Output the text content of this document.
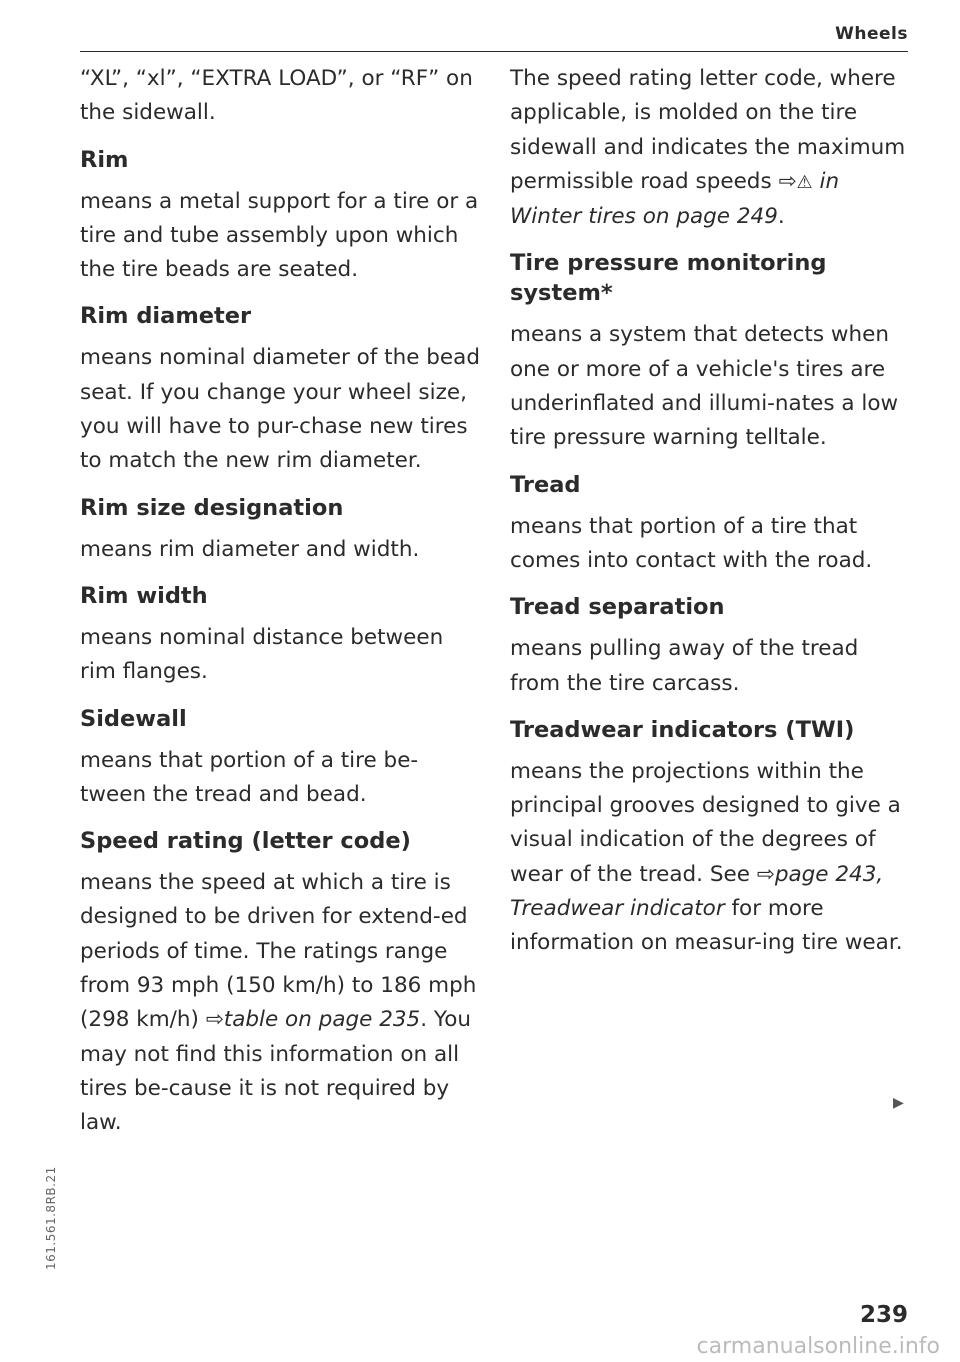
Wheels

“XL”, “xl”, “EXTRA LOAD”, or “RF” on the sidewall.

Rim

means a metal support for a tire or a tire and tube assembly upon which the tire beads are seated.

Rim diameter

means nominal diameter of the bead seat. If you change your wheel size, you will have to pur-chase new tires to match the new rim diameter.

Rim size designation

means rim diameter and width.

Rim width

means nominal distance between rim flanges.

Sidewall

means that portion of a tire be-tween the tread and bead.

Speed rating (letter code)

means the speed at which a tire is designed to be driven for extend-ed periods of time. The ratings range from 93 mph (150 km/h) to 186 mph (298 km/h) ⇨table on page 235. You may not find this information on all tires be-cause it is not required by law.

The speed rating letter code, where applicable, is molded on the tire sidewall and indicates the maximum permissible road speeds ⇨⚠ in Winter tires on page 249.

Tire pressure monitoring system*

means a system that detects when one or more of a vehicle's tires are underinflated and illumi-nates a low tire pressure warning telltale.

Tread

means that portion of a tire that comes into contact with the road.

Tread separation

means pulling away of the tread from the tire carcass.

Treadwear indicators (TWI)

means the projections within the principal grooves designed to give a visual indication of the degrees of wear of the tread. See ⇨page 243, Treadwear indicator for more information on measur-ing tire wear.

▶
161.561.8RB.21
239
carmanualsonline.info
